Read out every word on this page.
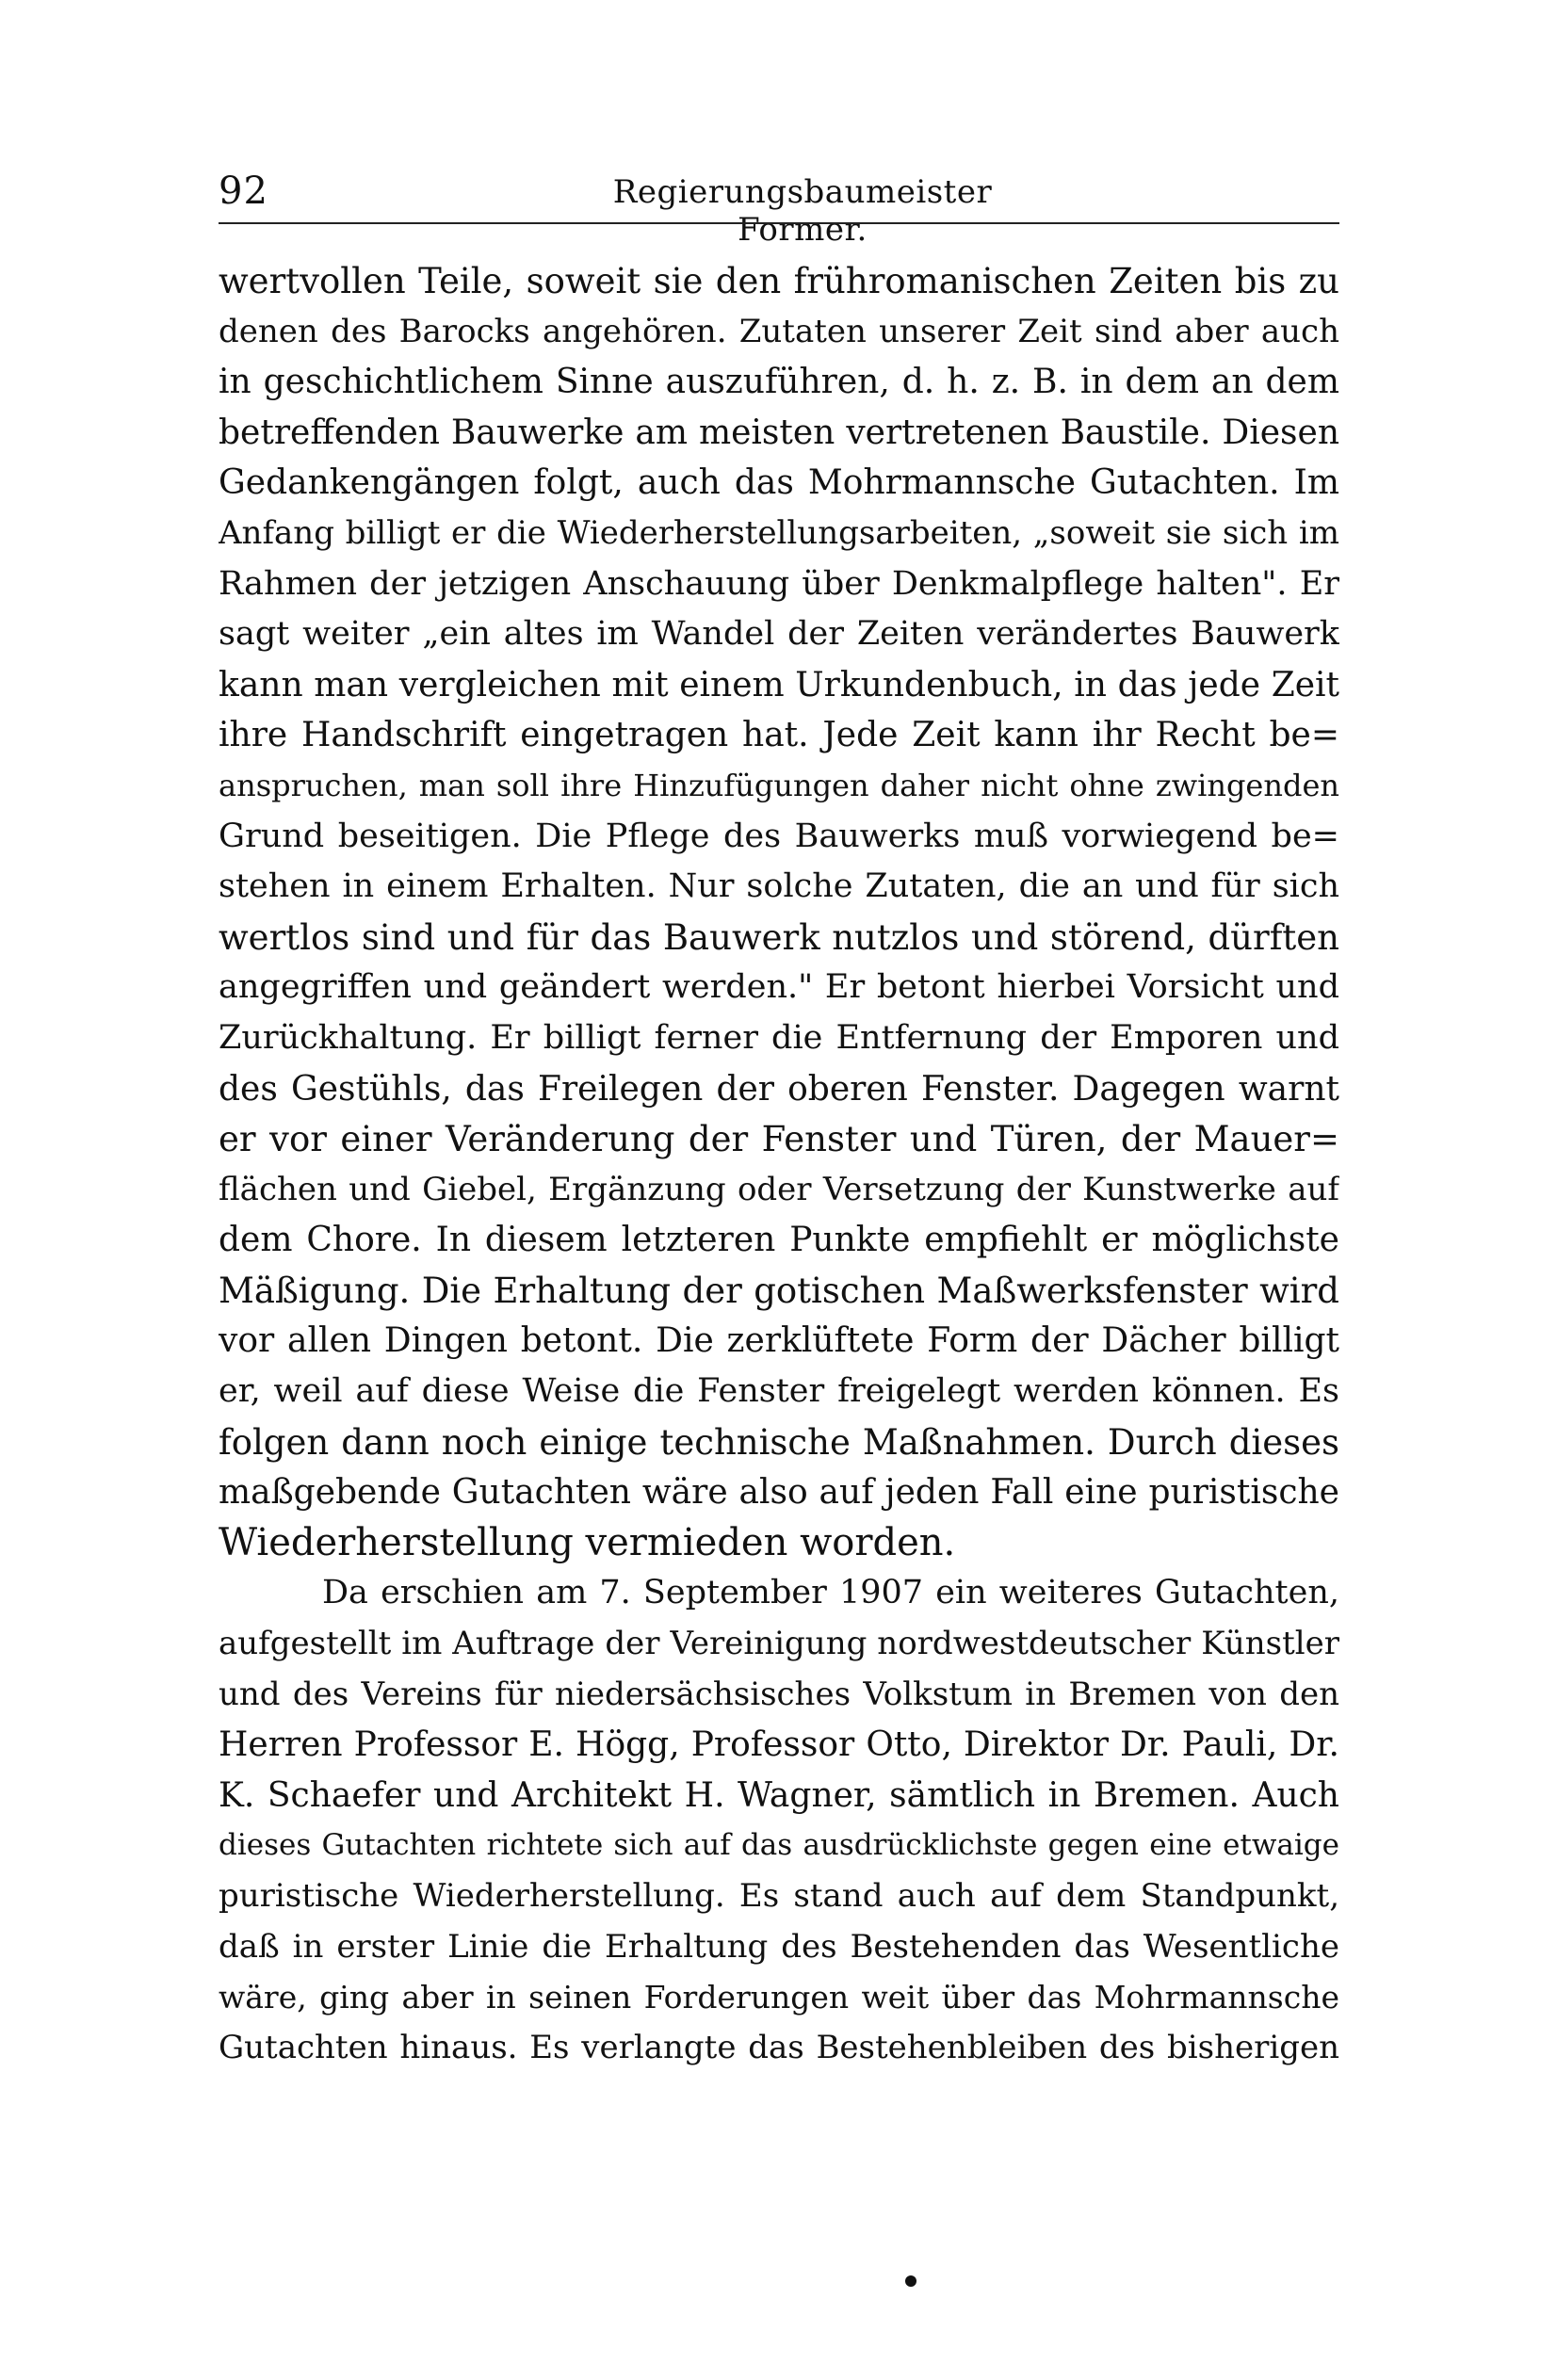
92	Regierungsbaumeister Former.
wertvollen Teile, soweit sie den frühromanischen Zeiten bis zu
denen des Barocks angehören. Zutaten unserer Zeit sind aber auch
in geschichtlichem Sinne auszuführen, d. h. z. B. in dem an dem
betreffenden Bauwerke am meisten vertretenen Baustile. Diesen
Gedankengängen folgt, auch das Mohrmannsche Gutachten. Im
Anfang billigt er die Wiederherstellungsarbeiten, „soweit sie sich im
Rahmen der jetzigen Anschauung über Denkmalpflege halten". Er
sagt weiter „ein altes im Wandel der Zeiten verändertes Bauwerk
kann man vergleichen mit einem Urkundenbuch, in das jede Zeit
ihre Handschrift eingetragen hat. Jede Zeit kann ihr Recht be=
anspruchen, man soll ihre Hinzufügungen daher nicht ohne zwingenden
Grund beseitigen. Die Pflege des Bauwerks muß vorwiegend be=
stehen in einem Erhalten. Nur solche Zutaten, die an und für sich
wertlos sind und für das Bauwerk nutzlos und störend, dürften
angegriffen und geändert werden." Er betont hierbei Vorsicht und
Zurückhaltung. Er billigt ferner die Entfernung der Emporen und
des Gestühls, das Freilegen der oberen Fenster. Dagegen warnt
er vor einer Veränderung der Fenster und Türen, der Mauer=
flächen und Giebel, Ergänzung oder Versetzung der Kunstwerke auf
dem Chore. In diesem letzteren Punkte empfiehlt er möglichste
Mäßigung. Die Erhaltung der gotischen Maßwerksfenster wird
vor allen Dingen betont. Die zerklüftete Form der Dächer billigt
er, weil auf diese Weise die Fenster freigelegt werden können. Es
folgen dann noch einige technische Maßnahmen. Durch dieses
maßgebende Gutachten wäre also auf jeden Fall eine puristische
Wiederherstellung vermieden worden.
Da erschien am 7. September 1907 ein weiteres Gutachten,
aufgestellt im Auftrage der Vereinigung nordwestdeutscher Künstler
und des Vereins für niedersächsisches Volkstum in Bremen von den
Herren Professor E. Högg, Professor Otto, Direktor Dr. Pauli, Dr.
K. Schaefer und Architekt H. Wagner, sämtlich in Bremen. Auch
dieses Gutachten richtete sich auf das ausdrücklichste gegen eine etwaige
puristische Wiederherstellung. Es stand auch auf dem Standpunkt,
daß in erster Linie die Erhaltung des Bestehenden das Wesentliche
wäre, ging aber in seinen Forderungen weit über das Mohrmannsche
Gutachten hinaus. Es verlangte das Bestehenbleiben des bisherigen
